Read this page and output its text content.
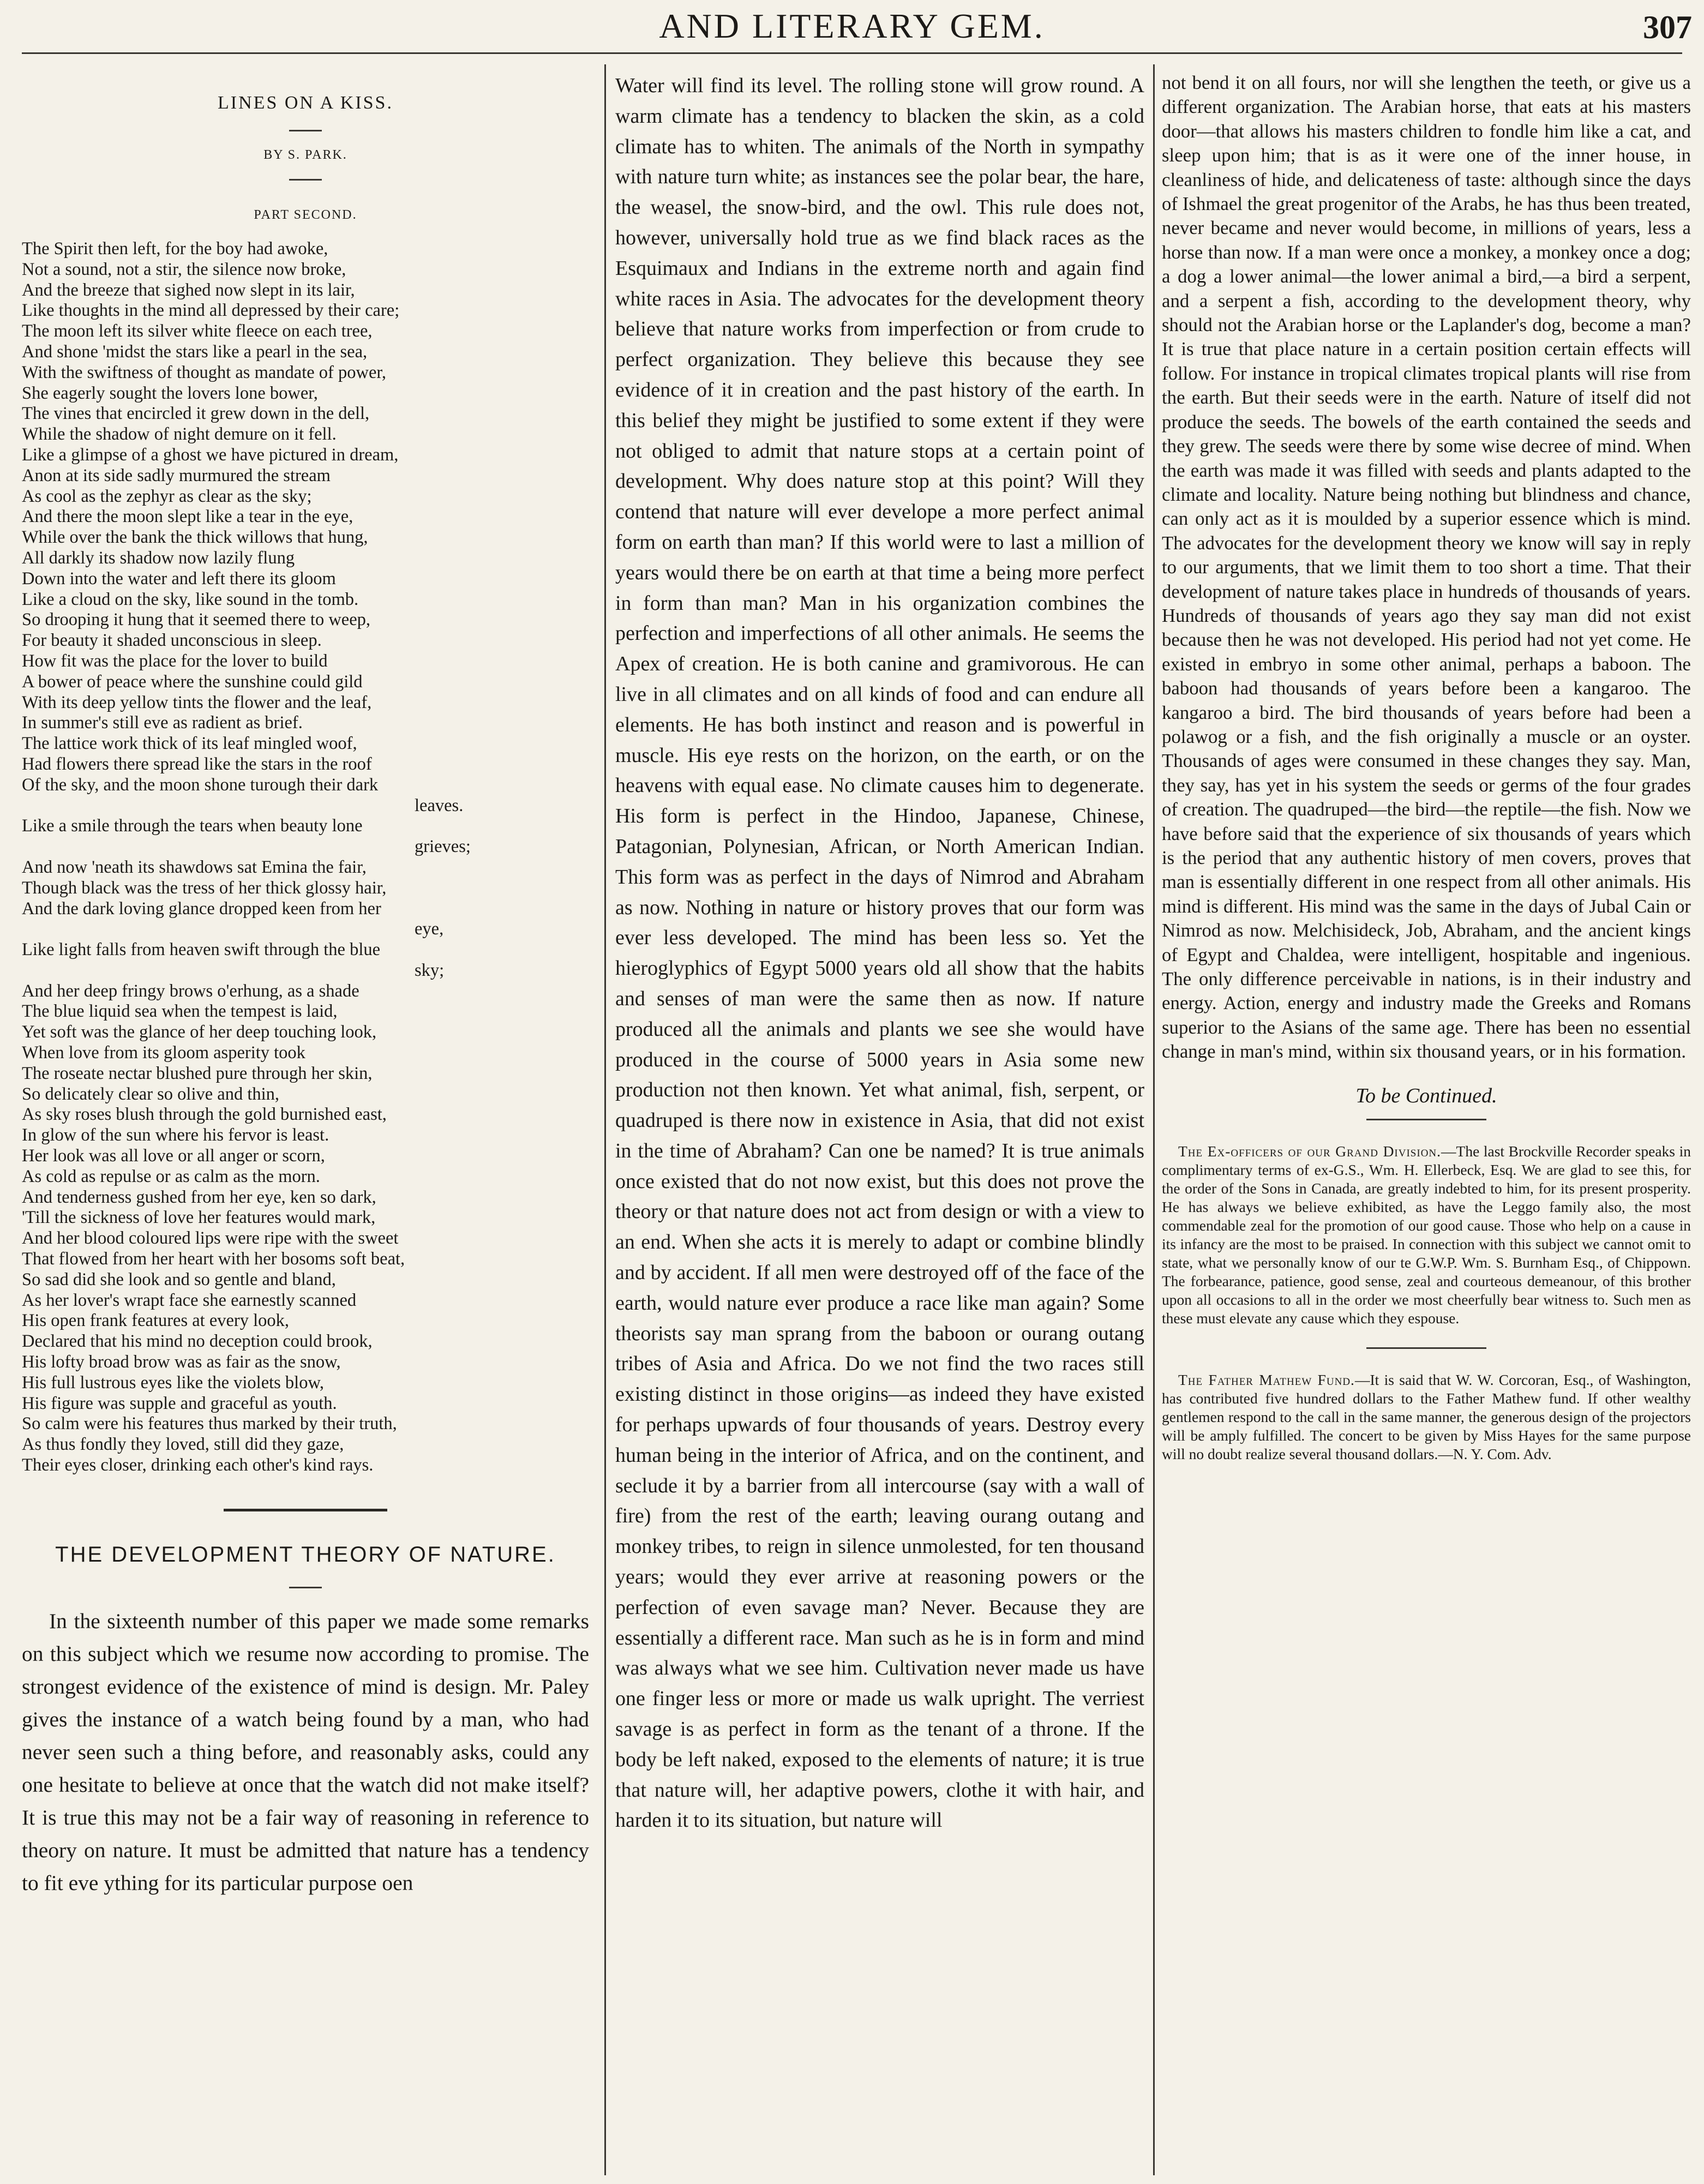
AND LITERARY GEM.	307
LINES ON A KISS.
BY S. PARK.
PART SECOND.
The Spirit then left, for the boy had awoke,
Not a sound, not a stir, the silence now broke,
And the breeze that sighed now slept in its lair,
Like thoughts in the mind all depressed by their care;
The moon left its silver white fleece on each tree,
And shone 'midst the stars like a pearl in the sea,
With the swiftness of thought as mandate of power,
She eagerly sought the lovers lone bower,
The vines that encircled it grew down in the dell,
While the shadow of night demure on it fell.
Like a glimpse of a ghost we have pictured in dream,
Anon at its side sadly murmured the stream
As cool as the zephyr as clear as the sky;
And there the moon slept like a tear in the eye,
While over the bank the thick willows that hung,
All darkly its shadow now lazily flung
Down into the water and left there its gloom
Like a cloud on the sky, like sound in the tomb.
So drooping it hung that it seemed there to weep,
For beauty it shaded unconscious in sleep.
How fit was the place for the lover to build
A bower of peace where the sunshine could gild
With its deep yellow tints the flower and the leaf,
In summer's still eve as radient as brief.
The lattice work thick of its leaf mingled woof,
Had flowers there spread like the stars in the roof
Of the sky, and the moon shone turough their dark
leaves.
Like a smile through the tears when beauty lone
grieves;
And now 'neath its shawdows sat Emina the fair,
Though black was the tress of her thick glossy hair,
And the dark loving glance dropped keen from her
eye,
Like light falls from heaven swift through the blue
sky;
And her deep fringy brows o'erhung, as a shade
The blue liquid sea when the tempest is laid,
Yet soft was the glance of her deep touching look,
When love from its gloom asperity took
The roseate nectar blushed pure through her skin,
So delicately clear so olive and thin,
As sky roses blush through the gold burnished east,
In glow of the sun where his fervor is least.
Her look was all love or all anger or scorn,
As cold as repulse or as calm as the morn.
And tenderness gushed from her eye, ken so dark,
'Till the sickness of love her features would mark,
And her blood coloured lips were ripe with the sweet
That flowed from her heart with her bosoms soft beat,
So sad did she look and so gentle and bland,
As her lover's wrapt face she earnestly scanned
His open frank features at every look,
Declared that his mind no deception could brook,
His lofty broad brow was as fair as the snow,
His full lustrous eyes like the violets blow,
His figure was supple and graceful as youth.
So calm were his features thus marked by their truth,
As thus fondly they loved, still did they gaze,
Their eyes closer, drinking each other's kind rays.
THE DEVELOPMENT THEORY OF NATURE.

In the sixteenth number of this paper we made some remarks on this subject which we resume now according to promise. The strongest evidence of the existence of mind is design. Mr. Paley gives the instance of a watch being found by a man, who had never seen such a thing before, and reasonably asks, could any one hesitate to believe at once that the watch did not make itself? It is true this may not be a fair way of reasoning in reference to theory on nature. It must be admitted that nature has a tendency to fit eve ything for its particular purpose oen

Water will find its level. The rolling stone will grow round. A warm climate has a tendency to blacken the skin, as a cold climate has to whiten. The animals of the North in sympathy with nature turn white; as instances see the polar bear, the hare, the weasel, the snow-bird, and the owl. This rule does not, however, universally hold true as we find black races as the Esquimaux and Indians in the extreme north and again find white races in Asia. The advocates for the development theory believe that nature works from imperfection or from crude to perfect organization. They believe this because they see evidence of it in creation and the past history of the earth. In this belief they might be justified to some extent if they were not obliged to admit that nature stops at a certain point of development. Why does nature stop at this point? Will they contend that nature will ever develope a more perfect animal form on earth than man? If this world were to last a million of years would there be on earth at that time a being more perfect in form than man? Man in his organization combines the perfection and imperfections of all other animals. He seems the Apex of creation. He is both canine and gramivorous. He can live in all climates and on all kinds of food and can endure all elements. He has both instinct and reason and is powerful in muscle. His eye rests on the horizon, on the earth, or on the heavens with equal ease. No climate causes him to degenerate. His form is perfect in the Hindoo, Japanese, Chinese, Patagonian, Polynesian, African, or North American Indian. This form was as perfect in the days of Nimrod and Abraham as now. Nothing in nature or history proves that our form was ever less developed. The mind has been less so. Yet the hieroglyphics of Egypt 5000 years old all show that the habits and senses of man were the same then as now. If nature produced all the animals and plants we see she would have produced in the course of 5000 years in Asia some new production not then known. Yet what animal, fish, serpent, or quadruped is there now in existence in Asia, that did not exist in the time of Abraham? Can one be named? It is true animals once existed that do not now exist, but this does not prove the theory or that nature does not act from design or with a view to an end. When she acts it is merely to adapt or combine blindly and by accident. If all men were destroyed off of the face of the earth, would nature ever produce a race like man again? Some theorists say man sprang from the baboon or ourang outang tribes of Asia and Africa. Do we not find the two races still existing distinct in those origins—as indeed they have existed for perhaps upwards of four thousands of years. Destroy every human being in the interior of Africa, and on the continent, and seclude it by a barrier from all intercourse (say with a wall of fire) from the rest of the earth; leaving ourang outang and monkey tribes, to reign in silence unmolested, for ten thousand years; would they ever arrive at reasoning powers or the perfection of even savage man? Never. Because they are essentially a different race. Man such as he is in form and mind was always what we see him. Cultivation never made us have one finger less or more or made us walk upright. The verriest savage is as perfect in form as the tenant of a throne. If the body be left naked, exposed to the elements of nature; it is true that nature will, her adaptive powers, clothe it with hair, and harden it to its situation, but nature will

not bend it on all fours, nor will she lengthen the teeth, or give us a different organization. The Arabian horse, that eats at his masters door—that allows his masters children to fondle him like a cat, and sleep upon him; that is as it were one of the inner house, in cleanliness of hide, and delicateness of taste: although since the days of Ishmael the great progenitor of the Arabs, he has thus been treated, never became and never would become, in millions of years, less a horse than now. If a man were once a monkey, a monkey once a dog; a dog a lower animal—the lower animal a bird,—a bird a serpent, and a serpent a fish, according to the development theory, why should not the Arabian horse or the Laplander's dog, become a man? It is true that place nature in a certain position certain effects will follow. For instance in tropical climates tropical plants will rise from the earth. But their seeds were in the earth. Nature of itself did not produce the seeds. The bowels of the earth contained the seeds and they grew. The seeds were there by some wise decree of mind. When the earth was made it was filled with seeds and plants adapted to the climate and locality. Nature being nothing but blindness and chance, can only act as it is moulded by a superior essence which is mind. The advocates for the development theory we know will say in reply to our arguments, that we limit them to too short a time. That their development of nature takes place in hundreds of thousands of years. Hundreds of thousands of years ago they say man did not exist because then he was not developed. His period had not yet come. He existed in embryo in some other animal, perhaps a baboon. The baboon had thousands of years before been a kangaroo. The kangaroo a bird. The bird thousands of years before had been a polawog or a fish, and the fish originally a muscle or an oyster. Thousands of ages were consumed in these changes they say. Man, they say, has yet in his system the seeds or germs of the four grades of creation. The quadruped—the bird—the reptile—the fish. Now we have before said that the experience of six thousands of years which is the period that any authentic history of men covers, proves that man is essentially different in one respect from all other animals. His mind is different. His mind was the same in the days of Jubal Cain or Nimrod as now. Melchisideck, Job, Abraham, and the ancient kings of Egypt and Chaldea, were intelligent, hospitable and ingenious. The only difference perceivable in nations, is in their industry and energy. Action, energy and industry made the Greeks and Romans superior to the Asians of the same age. There has been no essential change in man's mind, within six thousand years, or in his formation.

To be Continued.

The Ex-officers of our Grand Division.—The last Brockville Recorder speaks in complimentary terms of ex-G.S., Wm. H. Ellerbeck, Esq. We are glad to see this, for the order of the Sons in Canada, are greatly indebted to him, for its present prosperity. He has always we believe exhibited, as have the Leggo family also, the most commendable zeal for the promotion of our good cause. Those who help on a cause in its infancy are the most to be praised. In connection with this subject we cannot omit to state, what we personally know of our te G.W.P. Wm. S. Burnham Esq., of Chippown. The forbearance, patience, good sense, zeal and courteous demeanour, of this brother upon all occasions to all in the order we most cheerfully bear witness to. Such men as these must elevate any cause which they espouse.

The Father Mathew Fund.—It is said that W. W. Corcoran, Esq., of Washington, has contributed five hundred dollars to the Father Mathew fund. If other wealthy gentlemen respond to the call in the same manner, the generous design of the projectors will be amply fulfilled. The concert to be given by Miss Hayes for the same purpose will no doubt realize several thousand dollars.—N. Y. Com. Adv.
